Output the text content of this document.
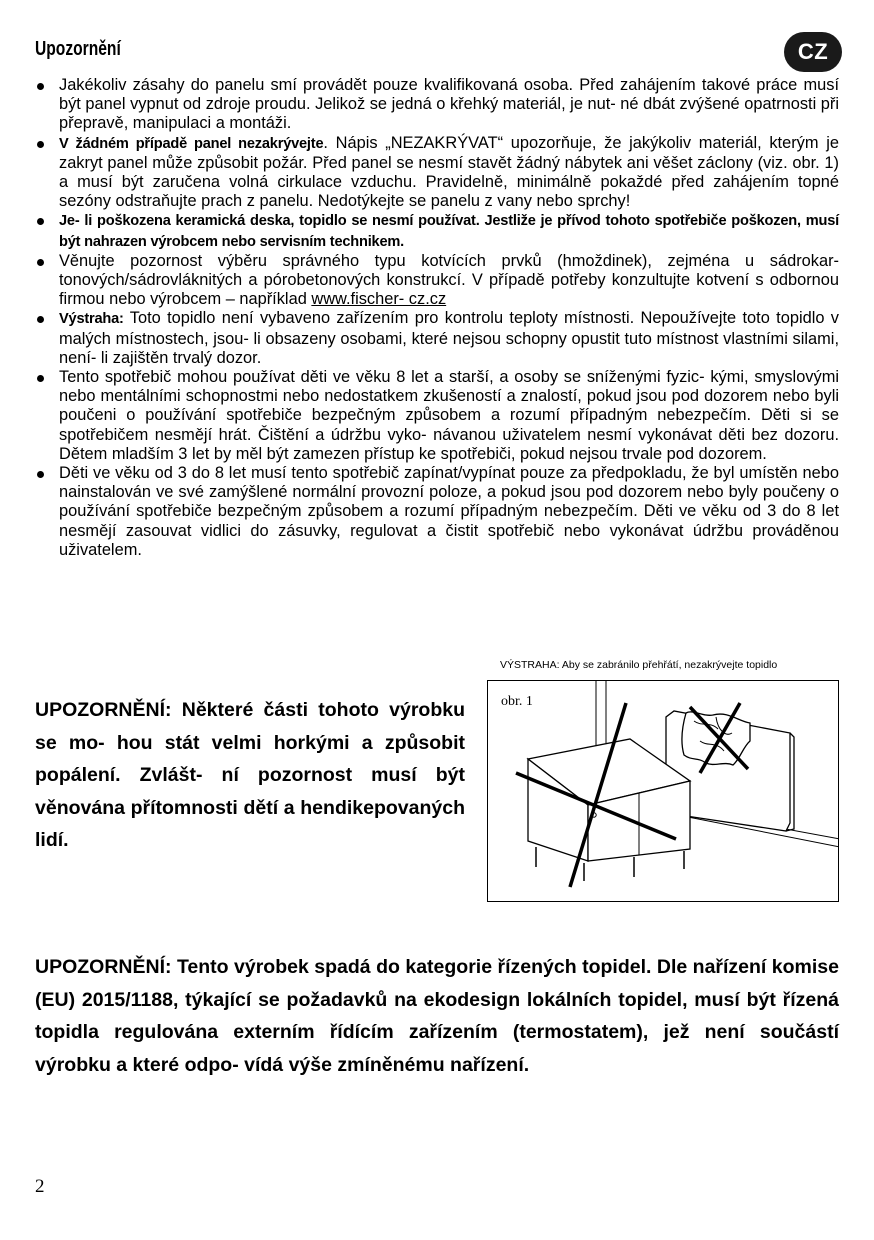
Upozornění	CZ
Jakékoliv zásahy do panelu smí provádět pouze kvalifikovaná osoba. Před zahájením takové práce musí být panel vypnut od zdroje proudu. Jelikož se jedná o křehký materiál, je nut- né dbát zvýšené opatrnosti při přepravě, manipulaci a montáži.
V žádném případě panel nezakrývejte. Nápis „NEZAKRÝVAT“ upozorňuje, že jakýkoliv materiál, kterým je zakryt panel může způsobit požár. Před panel se nesmí stavět žádný nábytek ani věšet záclony (viz. obr. 1) a musí být zaručena volná cirkulace vzduchu. Pravidelně, minimálně pokaždé před zahájením topné sezóny odstraňujte prach z panelu. Nedotýkejte se panelu z vany nebo sprchy!
Je- li poškozena keramická deska, topidlo se nesmí používat. Jestliže je přívod tohoto spotřebiče poškozen, musí být nahrazen výrobcem nebo servisním technikem.
Věnujte pozornost výběru správného typu kotvících prvků (hmoždinek), zejména u sádrokar- tonových/sádrovláknitých a pórobetonových konstrukcí. V případě potřeby konzultujte kotvení s odbornou firmou nebo výrobcem – například www.fischer- cz.cz
Výstraha: Toto topidlo není vybaveno zařízením pro kontrolu teploty místnosti. Nepoužívejte toto topidlo v malých místnostech, jsou- li obsazeny osobami, které nejsou schopny opustit tuto místnost vlastními silami, není- li zajištěn trvalý dozor.
Tento spotřebič mohou používat děti ve věku 8 let a starší, a osoby se sníženými fyzic- kými, smyslovými nebo mentálními schopnostmi nebo nedostatkem zkušeností a znalostí, pokud jsou pod dozorem nebo byli poučeni o používání spotřebiče bezpečným způsobem a rozumí případným nebezpečím. Děti si se spotřebičem nesmějí hrát. Čištění a údržbu vyko- návanou uživatelem nesmí vykonávat děti bez dozoru. Dětem mladším 3 let by měl být zamezen přístup ke spotřebiči, pokud nejsou trvale pod dozorem.
Děti ve věku od 3 do 8 let musí tento spotřebič zapínat/vypínat pouze za předpokladu, že byl umístěn nebo nainstalován ve své zamýšlené normální provozní poloze, a pokud jsou pod dozorem nebo byly poučeny o používání spotřebiče bezpečným způsobem a rozumí případným nebezpečím. Děti ve věku od 3 do 8 let nesmějí zasouvat vidlici do zásuvky, regulovat a čistit spotřebič nebo vykonávat údržbu prováděnou uživatelem.
VÝSTRAHA: Aby se zabránilo přehřátí, nezakrývejte topidlo
obr. 1
UPOZORNĚNÍ: Některé části tohoto výrobku se mo- hou stát velmi horkými a způsobit popálení. Zvlášt- ní pozornost musí být věnována přítomnosti dětí a hendikepovaných lidí.
UPOZORNĚNÍ: Tento výrobek spadá do kategorie řízených topidel. Dle nařízení komise (EU) 2015/1188, týkající se požadavků na ekodesign lokálních topidel, musí být řízená topidla regulována externím řídícím zařízením (termostatem), jež není součástí výrobku a které odpo- vídá výše zmíněnému nařízení.
2
